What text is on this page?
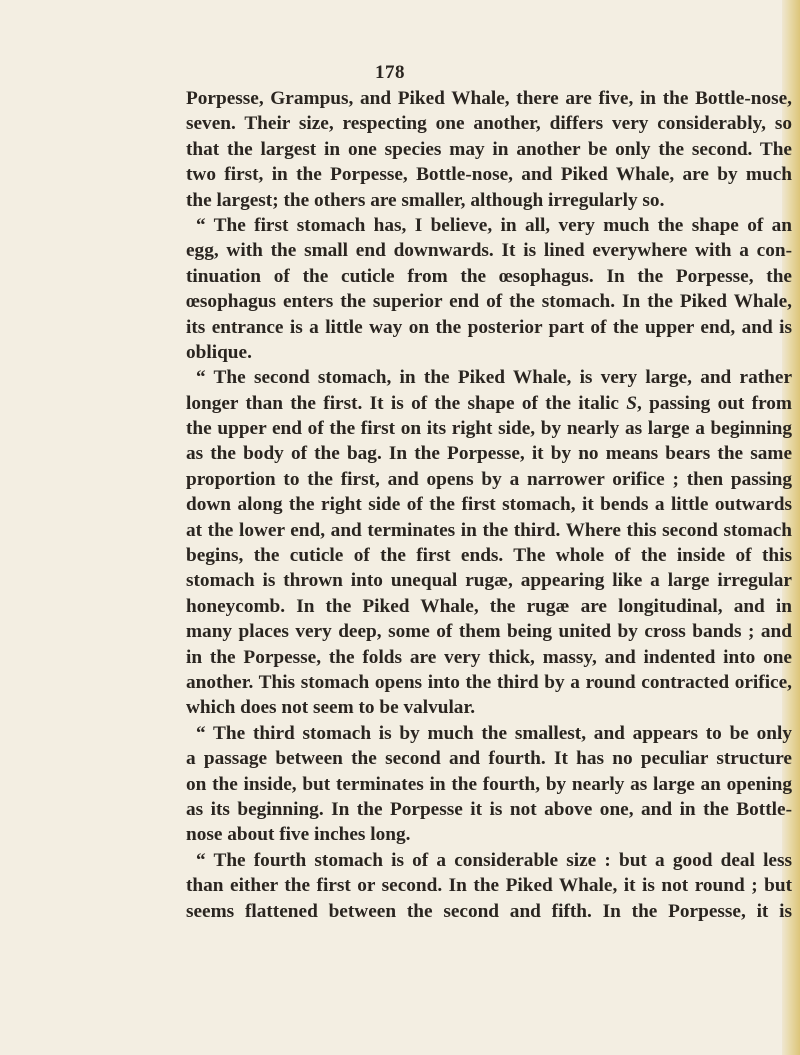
178
Porpesse, Grampus, and Piked Whale, there are five, in the Bottle-nose,
seven. Their size, respecting one another, differs very considerably, so
that the largest in one species may in another be only the second. The
two first, in the Porpesse, Bottle-nose, and Piked Whale, are by much
the largest; the others are smaller, although irregularly so.
“ The first stomach has, I believe, in all, very much the shape of an
egg, with the small end downwards. It is lined everywhere with a con-
tinuation of the cuticle from the œsophagus. In the Porpesse, the
œsophagus enters the superior end of the stomach. In the Piked Whale,
its entrance is a little way on the posterior part of the upper end, and is
oblique.
“ The second stomach, in the Piked Whale, is very large, and rather
longer than the first. It is of the shape of the italic S, passing out from
the upper end of the first on its right side, by nearly as large a beginning
as the body of the bag. In the Porpesse, it by no means bears the same
proportion to the first, and opens by a narrower orifice ; then passing
down along the right side of the first stomach, it bends a little outwards
at the lower end, and terminates in the third. Where this second stomach
begins, the cuticle of the first ends. The whole of the inside of this
stomach is thrown into unequal rugæ, appearing like a large irregular
honeycomb. In the Piked Whale, the rugæ are longitudinal, and in
many places very deep, some of them being united by cross bands ; and
in the Porpesse, the folds are very thick, massy, and indented into one
another. This stomach opens into the third by a round contracted orifice,
which does not seem to be valvular.
“ The third stomach is by much the smallest, and appears to be only
a passage between the second and fourth. It has no peculiar structure
on the inside, but terminates in the fourth, by nearly as large an opening
as its beginning. In the Porpesse it is not above one, and in the Bottle-
nose about five inches long.
“ The fourth stomach is of a considerable size : but a good deal less
than either the first or second. In the Piked Whale, it is not round ; but
seems flattened between the second and fifth. In the Porpesse, it is
